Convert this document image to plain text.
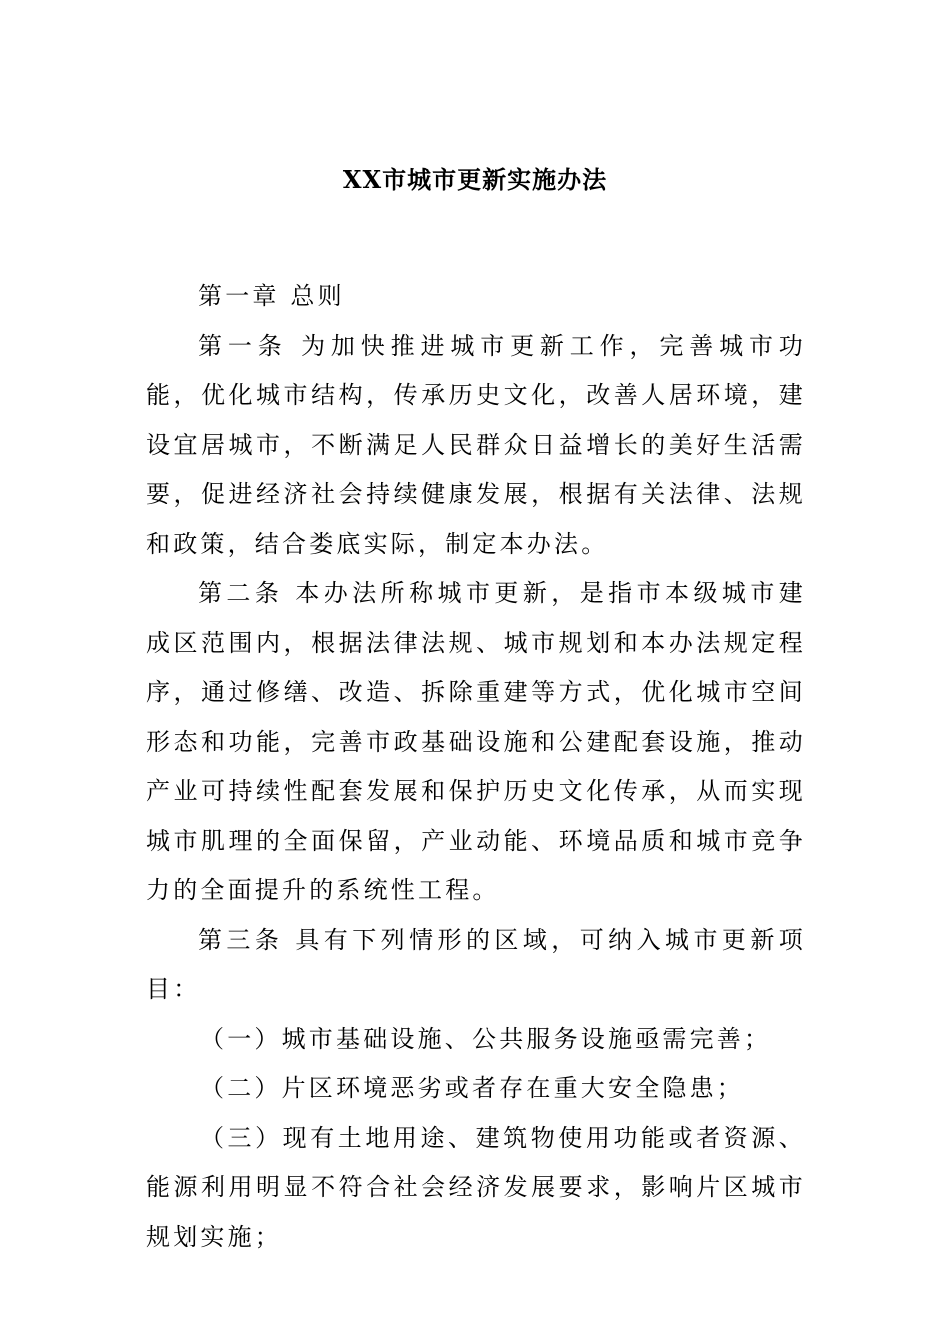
XX市城市更新实施办法

第一章 总则

第一条 为加快推进城市更新工作，完善城市功能，优化城市结构，传承历史文化，改善人居环境，建设宜居城市，不断满足人民群众日益增长的美好生活需要，促进经济社会持续健康发展，根据有关法律、法规和政策，结合娄底实际，制定本办法。

第二条 本办法所称城市更新，是指市本级城市建成区范围内，根据法律法规、城市规划和本办法规定程序，通过修缮、改造、拆除重建等方式，优化城市空间形态和功能，完善市政基础设施和公建配套设施，推动产业可持续性配套发展和保护历史文化传承，从而实现城市肌理的全面保留，产业动能、环境品质和城市竞争力的全面提升的系统性工程。

第三条 具有下列情形的区域，可纳入城市更新项目：

（一）城市基础设施、公共服务设施亟需完善；

（二）片区环境恶劣或者存在重大安全隐患；

（三）现有土地用途、建筑物使用功能或者资源、能源利用明显不符合社会经济发展要求，影响片区城市规划实施；
